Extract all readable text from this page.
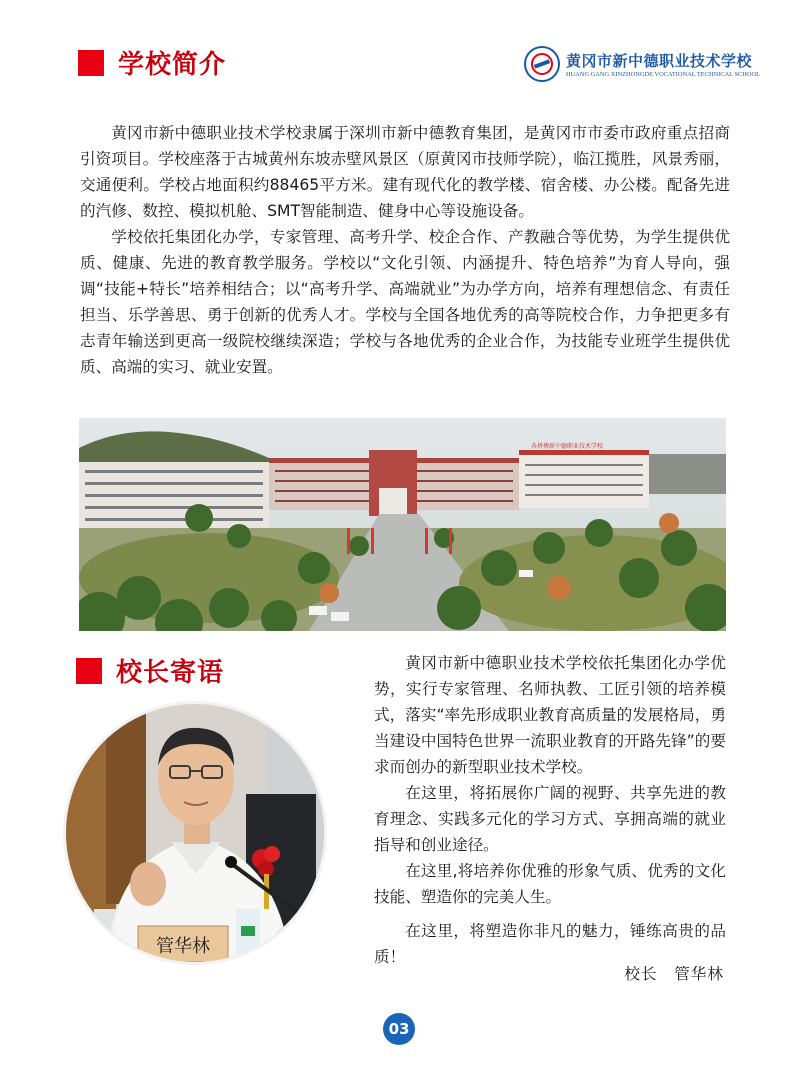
学校简介	黄冈市新中德职业技术学校
HUANG GANG XINZHONGDE VOCATIONAL TECHNICAL SCHOOL

黄冈市新中德职业技术学校隶属于深圳市新中德教育集团，是黄冈市市委市政府重点招商引资项目。学校座落于古城黄州东坡赤壁风景区（原黄冈市技师学院），临江揽胜，风景秀丽，交通便利。学校占地面积约88465平方米。建有现代化的教学楼、宿舍楼、办公楼。配备先进的汽修、数控、模拟机舱、SMT智能制造、健身中心等设施设备。

学校依托集团化办学，专家管理、高考升学、校企合作、产教融合等优势，为学生提供优质、健康、先进的教育教学服务。学校以“文化引领、内涵提升、特色培养”为育人导向，强调“技能+特长”培养相结合；以“高考升学、高端就业”为办学方向，培养有理想信念、有责任担当、乐学善思、勇于创新的优秀人才。学校与全国各地优秀的高等院校合作，力争把更多有志青年输送到更高一级院校继续深造；学校与各地优秀的企业合作，为技能专业班学生提供优质、高端的实习、就业安置。

各拼搏新中德职业技术学校
校长寄语
管华林

黄冈市新中德职业技术学校依托集团化办学优势，实行专家管理、名师执教、工匠引领的培养模式，落实“率先形成职业教育高质量的发展格局，勇当建设中国特色世界一流职业教育的开路先锋”的要求而创办的新型职业技术学校。

在这里，将拓展你广阔的视野、共享先进的教育理念、实践多元化的学习方式、享拥高端的就业指导和创业途径。

在这里,将培养你优雅的形象气质、优秀的文化技能、塑造你的完美人生。

在这里，将塑造你非凡的魅力，锤练高贵的品质！

校长　管华林
03
